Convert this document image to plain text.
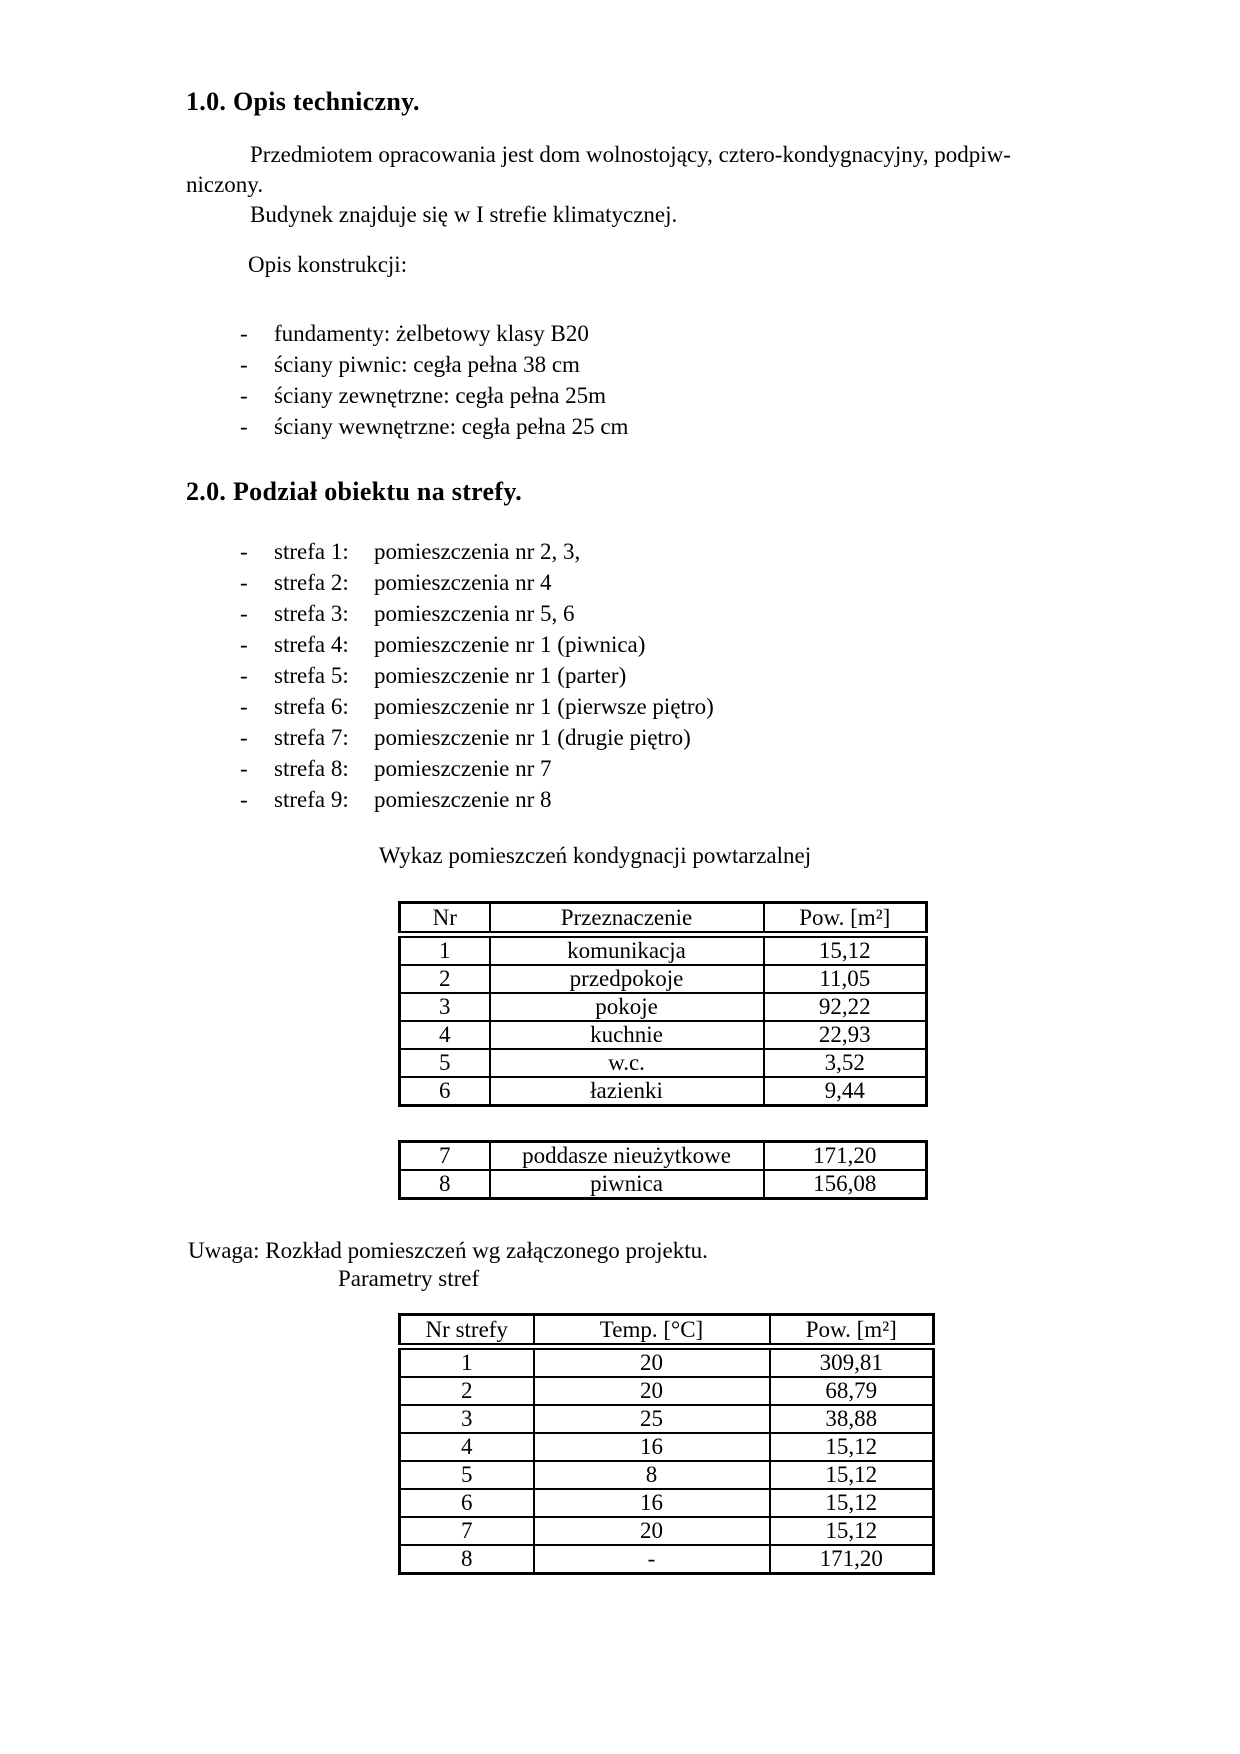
1.0. Opis techniczny.

Przedmiotem opracowania jest dom wolnostojący, cztero-kondygnacyjny, podpiw-
niczony.

Budynek znajduje się w I strefie klimatycznej.

Opis konstrukcji:
-	fundamenty: żelbetowy klasy B20
-	ściany piwnic: cegła pełna 38 cm
-	ściany zewnętrzne: cegła pełna 25m
-	ściany wewnętrzne: cegła pełna 25 cm
2.0. Podział obiektu na strefy.
-	strefa 1:	pomieszczenia nr 2, 3,
-	strefa 2:	pomieszczenia nr 4
-	strefa 3:	pomieszczenia nr 5, 6
-	strefa 4:	pomieszczenie nr 1 (piwnica)
-	strefa 5:	pomieszczenie nr 1 (parter)
-	strefa 6:	pomieszczenie nr 1 (pierwsze piętro)
-	strefa 7:	pomieszczenie nr 1 (drugie piętro)
-	strefa 8:	pomieszczenie nr 7
-	strefa 9:	pomieszczenie nr 8
Wykaz pomieszczeń kondygnacji powtarzalnej
Nr	Przeznaczenie	Pow. [m²]
1	komunikacja	15,12
2	przedpokoje	11,05
3	pokoje	92,22
4	kuchnie	22,93
5	w.c.	3,52
6	łazienki	9,44
7	poddasze nieużytkowe	171,20
8	piwnica	156,08
Uwaga: Rozkład pomieszczeń wg załączonego projektu.
Parametry stref
Nr strefy	Temp. [°C]	Pow. [m²]
1	20	309,81
2	20	68,79
3	25	38,88
4	16	15,12
5	8	15,12
6	16	15,12
7	20	15,12
8	-	171,20
